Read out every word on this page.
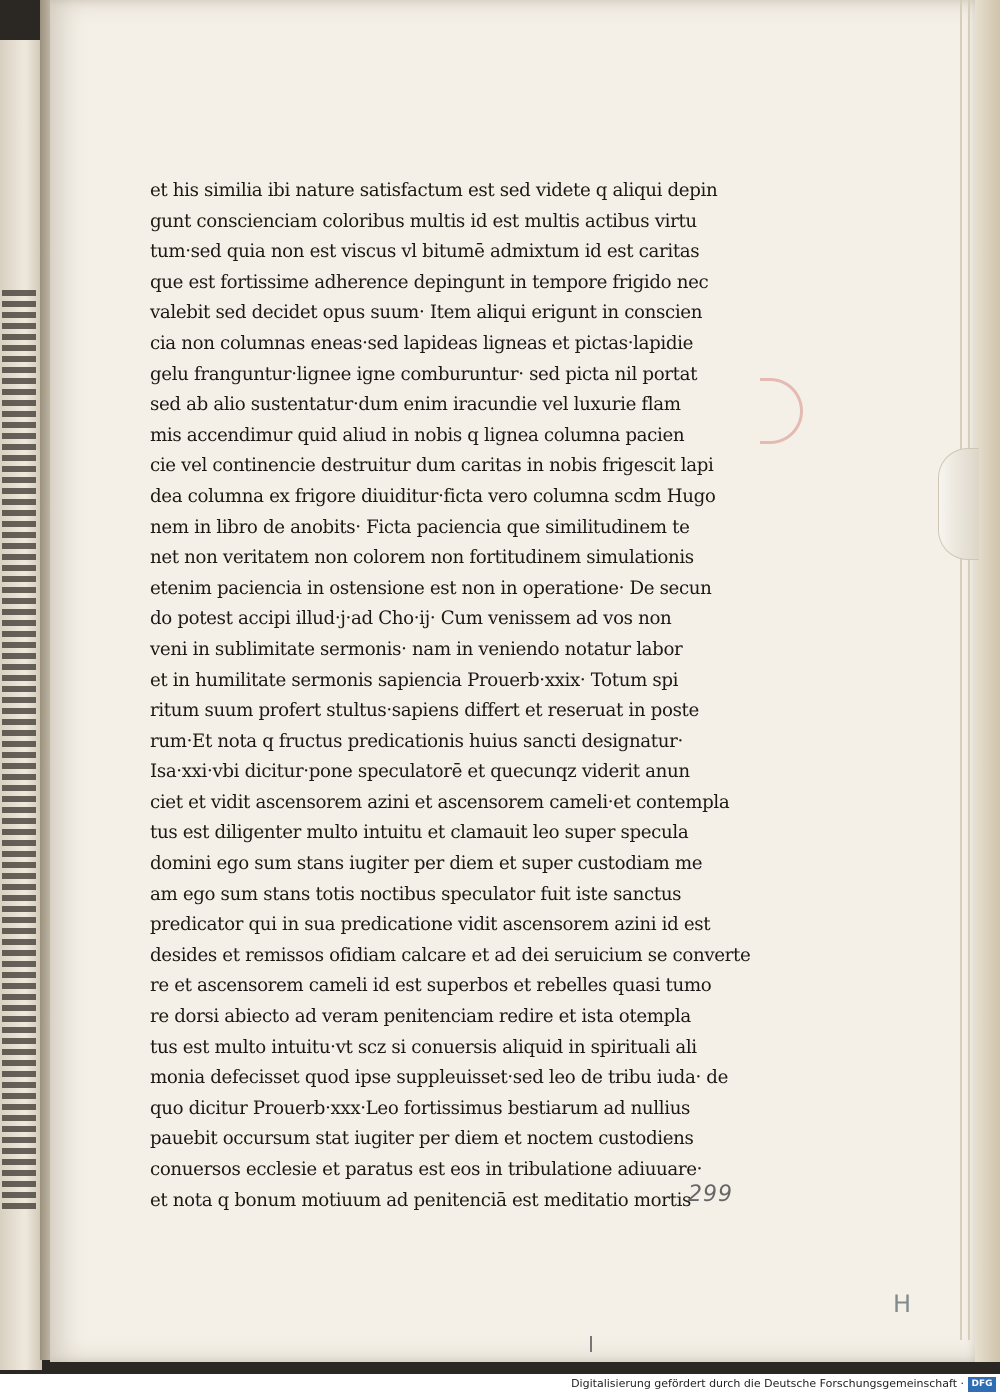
et his similia ibi nature satisfactum est sed videte q aliqui depin
gunt conscienciam coloribus multis id est multis actibus virtu
tum·sed quia non est viscus vl bitumē admixtum id est caritas
que est fortissime adherence depingunt in tempore frigido nec
valebit sed decidet opus suum· Item aliqui erigunt in conscien
cia non columnas eneas·sed lapideas ligneas et pictas·lapidie
gelu franguntur·lignee igne comburuntur· sed picta nil portat
sed ab alio sustentatur·dum enim iracundie vel luxurie flam
mis accendimur quid aliud in nobis q lignea columna pacien
cie vel continencie destruitur dum caritas in nobis frigescit lapi
dea columna ex frigore diuiditur·ficta vero columna scdm Hugo
nem in libro de anobits· Ficta paciencia que similitudinem te
net non veritatem non colorem non fortitudinem simulationis
etenim paciencia in ostensione est non in operatione· De secun
do potest accipi illud·j·ad Cho·ij· Cum venissem ad vos non
veni in sublimitate sermonis· nam in veniendo notatur labor
et in humilitate sermonis sapiencia Prouerb·xxix· Totum spi
ritum suum profert stultus·sapiens differt et reseruat in poste
rum·Et nota q fructus predicationis huius sancti designatur·
Isa·xxi·vbi dicitur·pone speculatorē et quecunqz viderit anun
ciet et vidit ascensorem azini et ascensorem cameli·et contempla
tus est diligenter multo intuitu et clamauit leo super specula
domini ego sum stans iugiter per diem et super custodiam me
am ego sum stans totis noctibus speculator fuit iste sanctus
predicator qui in sua predicatione vidit ascensorem azini id est
desides et remissos ofidiam calcare et ad dei seruicium se converte
re et ascensorem cameli id est superbos et rebelles quasi tumo
re dorsi abiecto ad veram penitenciam redire et ista otempla
tus est multo intuitu·vt scz si conuersis aliquid in spirituali ali
monia defecisset quod ipse suppleuisset·sed leo de tribu iuda· de
quo dicitur Prouerb·xxx·Leo fortissimus bestiarum ad nullius
pauebit occursum stat iugiter per diem et noctem custodiens
conuersos ecclesie et paratus est eos in tribulatione adiuuare·
et nota q bonum motiuum ad penitenciā est meditatio mortis
299
H
Digitalisierung gefördert durch die Deutsche Forschungsgemeinschaft · DFG
